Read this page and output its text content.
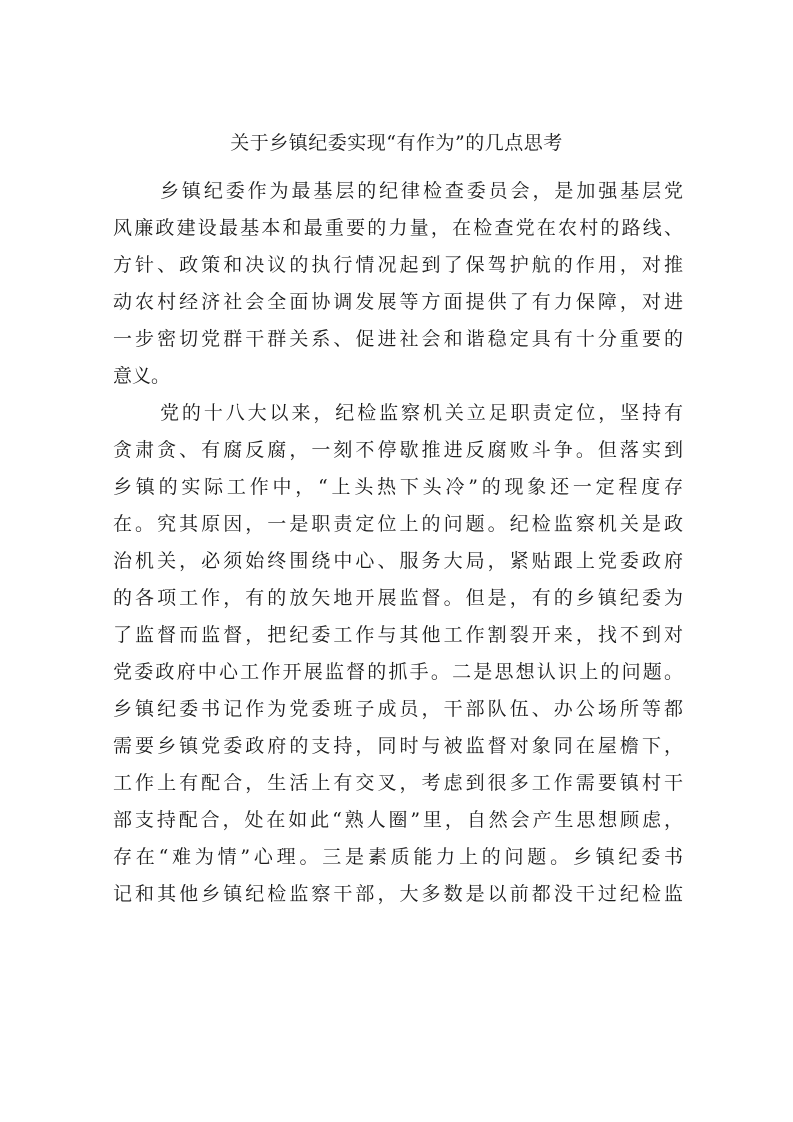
关于乡镇纪委实现“有作为”的几点思考
乡镇纪委作为最基层的纪律检查委员会，是加强基层党
风廉政建设最基本和最重要的力量，在检查党在农村的路线、
方针、政策和决议的执行情况起到了保驾护航的作用，对推
动农村经济社会全面协调发展等方面提供了有力保障，对进
一步密切党群干群关系、促进社会和谐稳定具有十分重要的
意义。
党的十八大以来，纪检监察机关立足职责定位，坚持有
贪肃贪、有腐反腐，一刻不停歇推进反腐败斗争。但落实到
乡镇的实际工作中，“上头热下头冷”的现象还一定程度存
在。究其原因，一是职责定位上的问题。纪检监察机关是政
治机关，必须始终围绕中心、服务大局，紧贴跟上党委政府
的各项工作，有的放矢地开展监督。但是，有的乡镇纪委为
了监督而监督，把纪委工作与其他工作割裂开来，找不到对
党委政府中心工作开展监督的抓手。二是思想认识上的问题。
乡镇纪委书记作为党委班子成员，干部队伍、办公场所等都
需要乡镇党委政府的支持，同时与被监督对象同在屋檐下，
工作上有配合，生活上有交叉，考虑到很多工作需要镇村干
部支持配合，处在如此“熟人圈”里，自然会产生思想顾虑，
存在“难为情”心理。三是素质能力上的问题。乡镇纪委书
记和其他乡镇纪检监察干部，大多数是以前都没干过纪检监
